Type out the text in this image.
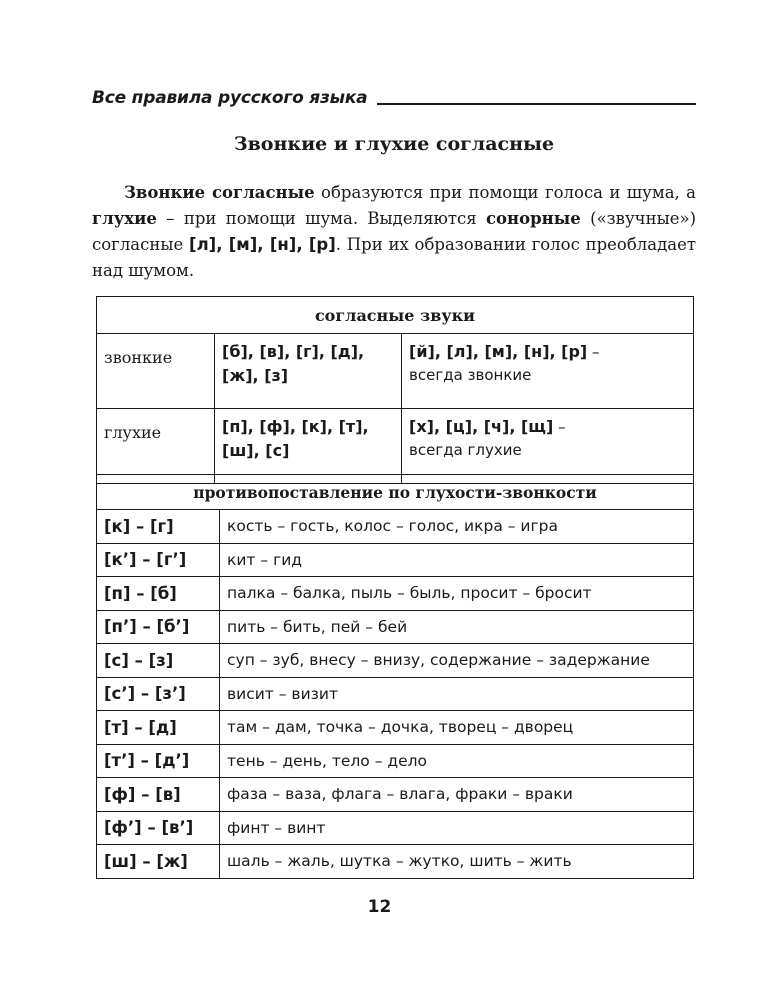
Все правила русского языка
Звонкие и глухие согласные

Звонкие согласные образуются при помощи голоса и шума, а глухие – при помощи шума. Выделяются сонорные («звучные») согласные [л], [м], [н], [р]. При их образовании голос преобладает над шумом.

согласные звуки		
звонкие	[б], [в], [г], [д], [ж], [з]	[й], [л], [м], [н], [р] –
всегда звонкие
глухие	[п], [ф], [к], [т], [ш], [с]	[х], [ц], [ч], [щ] –
всегда глухие
противопоставление по глухости-звонкости	
[к] – [г]	кость – гость, колос – голос, икра – игра
[к’] – [г’]	кит – гид
[п] – [б]	палка – балка, пыль – быль, просит – бросит
[п’] – [б’]	пить – бить, пей – бей
[с] – [з]	суп – зуб, внесу – внизу, содержание – задержание
[с’] – [з’]	висит – визит
[т] – [д]	там – дам, точка – дочка, творец – дворец
[т’] – [д’]	тень – день, тело – дело
[ф] – [в]	фаза – ваза, флага – влага, фраки – враки
[ф’] – [в’]	финт – винт
[ш] – [ж]	шаль – жаль, шутка – жутко, шить – жить
12
